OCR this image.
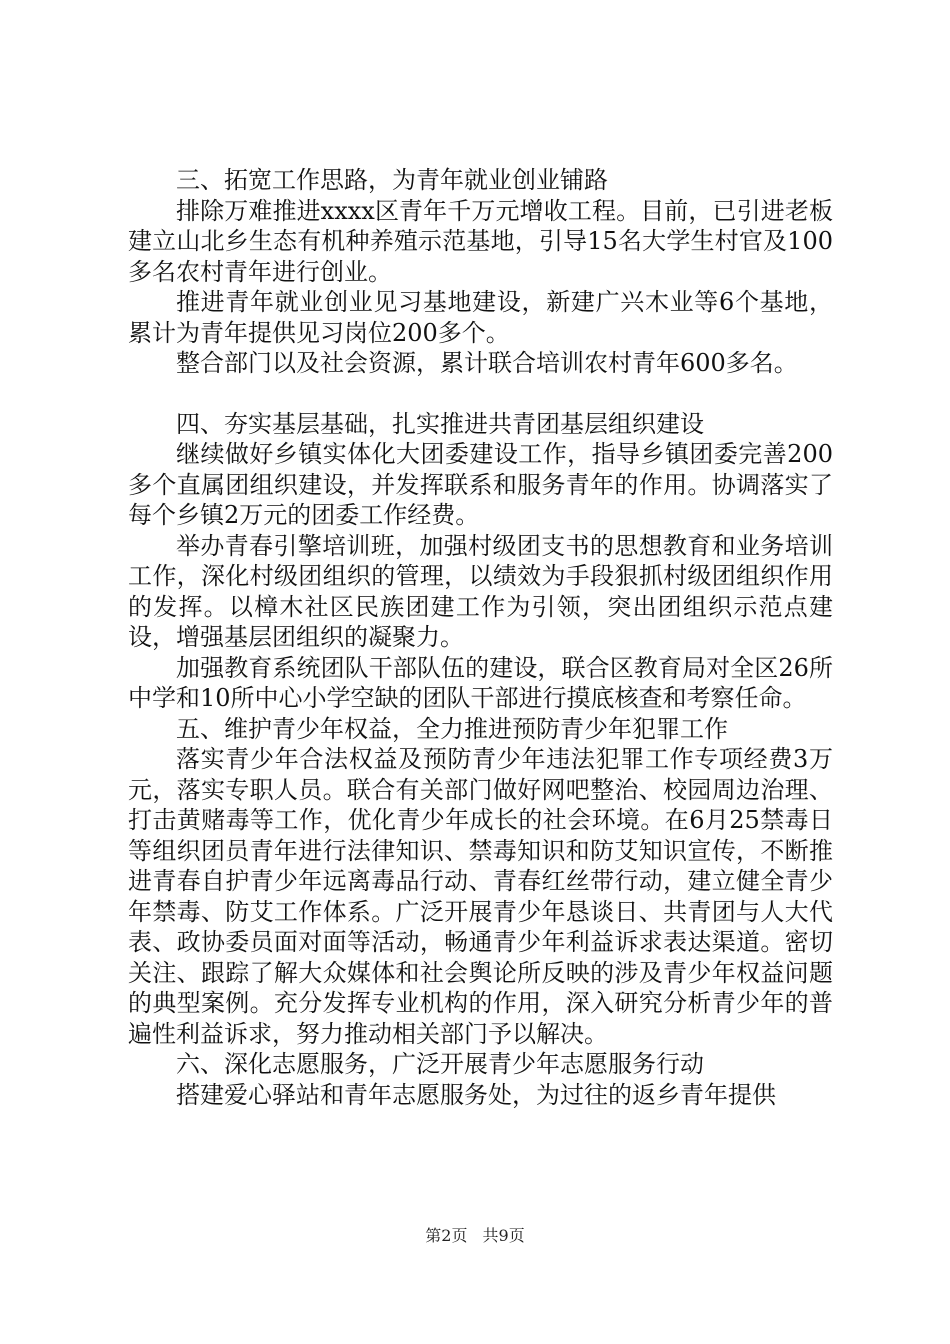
三、拓宽工作思路，为青年就业创业铺路

排除万难推进xxxx区青年千万元增收工程。目前，已引进老板建立山北乡生态有机种养殖示范基地，引导15名大学生村官及100多名农村青年进行创业。

推进青年就业创业见习基地建设，新建广兴木业等6个基地，累计为青年提供见习岗位200多个。

整合部门以及社会资源，累计联合培训农村青年600多名。

四、夯实基层基础，扎实推进共青团基层组织建设

继续做好乡镇实体化大团委建设工作，指导乡镇团委完善200多个直属团组织建设，并发挥联系和服务青年的作用。协调落实了每个乡镇2万元的团委工作经费。

举办青春引擎培训班，加强村级团支书的思想教育和业务培训工作，深化村级团组织的管理，以绩效为手段狠抓村级团组织作用的发挥。以樟木社区民族团建工作为引领，突出团组织示范点建设，增强基层团组织的凝聚力。

加强教育系统团队干部队伍的建设，联合区教育局对全区26所中学和10所中心小学空缺的团队干部进行摸底核查和考察任命。

五、维护青少年权益，全力推进预防青少年犯罪工作

落实青少年合法权益及预防青少年违法犯罪工作专项经费3万元，落实专职人员。联合有关部门做好网吧整治、校园周边治理、打击黄赌毒等工作，优化青少年成长的社会环境。在6月25禁毒日等组织团员青年进行法律知识、禁毒知识和防艾知识宣传，不断推进青春自护青少年远离毒品行动、青春红丝带行动，建立健全青少年禁毒、防艾工作体系。广泛开展青少年恳谈日、共青团与人大代表、政协委员面对面等活动，畅通青少年利益诉求表达渠道。密切关注、跟踪了解大众媒体和社会舆论所反映的涉及青少年权益问题的典型案例。充分发挥专业机构的作用，深入研究分析青少年的普遍性利益诉求，努力推动相关部门予以解决。

六、深化志愿服务，广泛开展青少年志愿服务行动

搭建爱心驿站和青年志愿服务处，为过往的返乡青年提供

第2页 共9页
